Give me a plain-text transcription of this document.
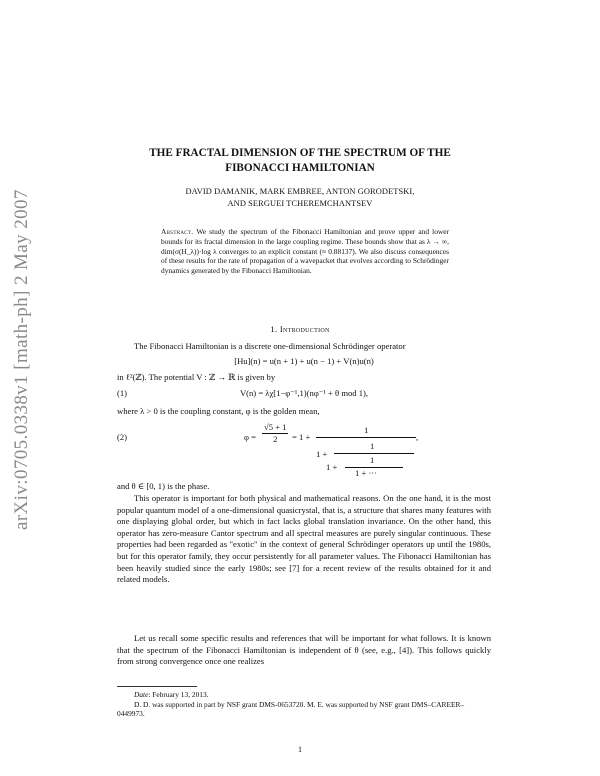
arXiv:0705.0338v1 [math-ph] 2 May 2007
THE FRACTAL DIMENSION OF THE SPECTRUM OF THE
FIBONACCI HAMILTONIAN
DAVID DAMANIK, MARK EMBREE, ANTON GORODETSKI,
AND SERGUEI TCHEREMCHANTSEV
Abstract. We study the spectrum of the Fibonacci Hamiltonian and prove upper and lower bounds for its fractal dimension in the large coupling regime. These bounds show that as λ → ∞, dim(σ(H_λ))·log λ converges to an explicit constant (≈ 0.88137). We also discuss consequences of these results for the rate of propagation of a wavepacket that evolves according to Schrödinger dynamics generated by the Fibonacci Hamiltonian.
1. Introduction
The Fibonacci Hamiltonian is a discrete one-dimensional Schrödinger operator
[Hu](n) = u(n + 1) + u(n − 1) + V(n)u(n)
in ℓ²(ℤ). The potential V : ℤ → ℝ is given by
(1)	V(n) = λχ[1−φ⁻¹,1)(nφ⁻¹ + θ mod 1),
where λ > 0 is the coupling constant, φ is the golden mean,
(2)	$\varphi = \frac{√5 + 1}{2} = 1$ +
1
,
1 +
1
1 +
1
1 + ···
and θ ∈ [0, 1) is the phase.
This operator is important for both physical and mathematical reasons. On the one hand, it is the most popular quantum model of a one-dimensional quasicrystal, that is, a structure that shares many features with one displaying global order, but which in fact lacks global translation invariance. On the other hand, this operator has zero-measure Cantor spectrum and all spectral measures are purely singular continuous. These properties had been regarded as "exotic" in the context of general Schrödinger operators up until the 1980s, but for this operator family, they occur persistently for all parameter values. The Fibonacci Hamiltonian has been heavily studied since the early 1980s; see [7] for a recent review of the results obtained for it and related models.
Let us recall some specific results and references that will be important for what follows. It is known that the spectrum of the Fibonacci Hamiltonian is independent of θ (see, e.g., [4]). This follows quickly from strong convergence once one realizes
Date: February 13, 2013.
D. D. was supported in part by NSF grant DMS-0653720. M. E. was supported by NSF grant DMS–CAREER–0449973.
1
